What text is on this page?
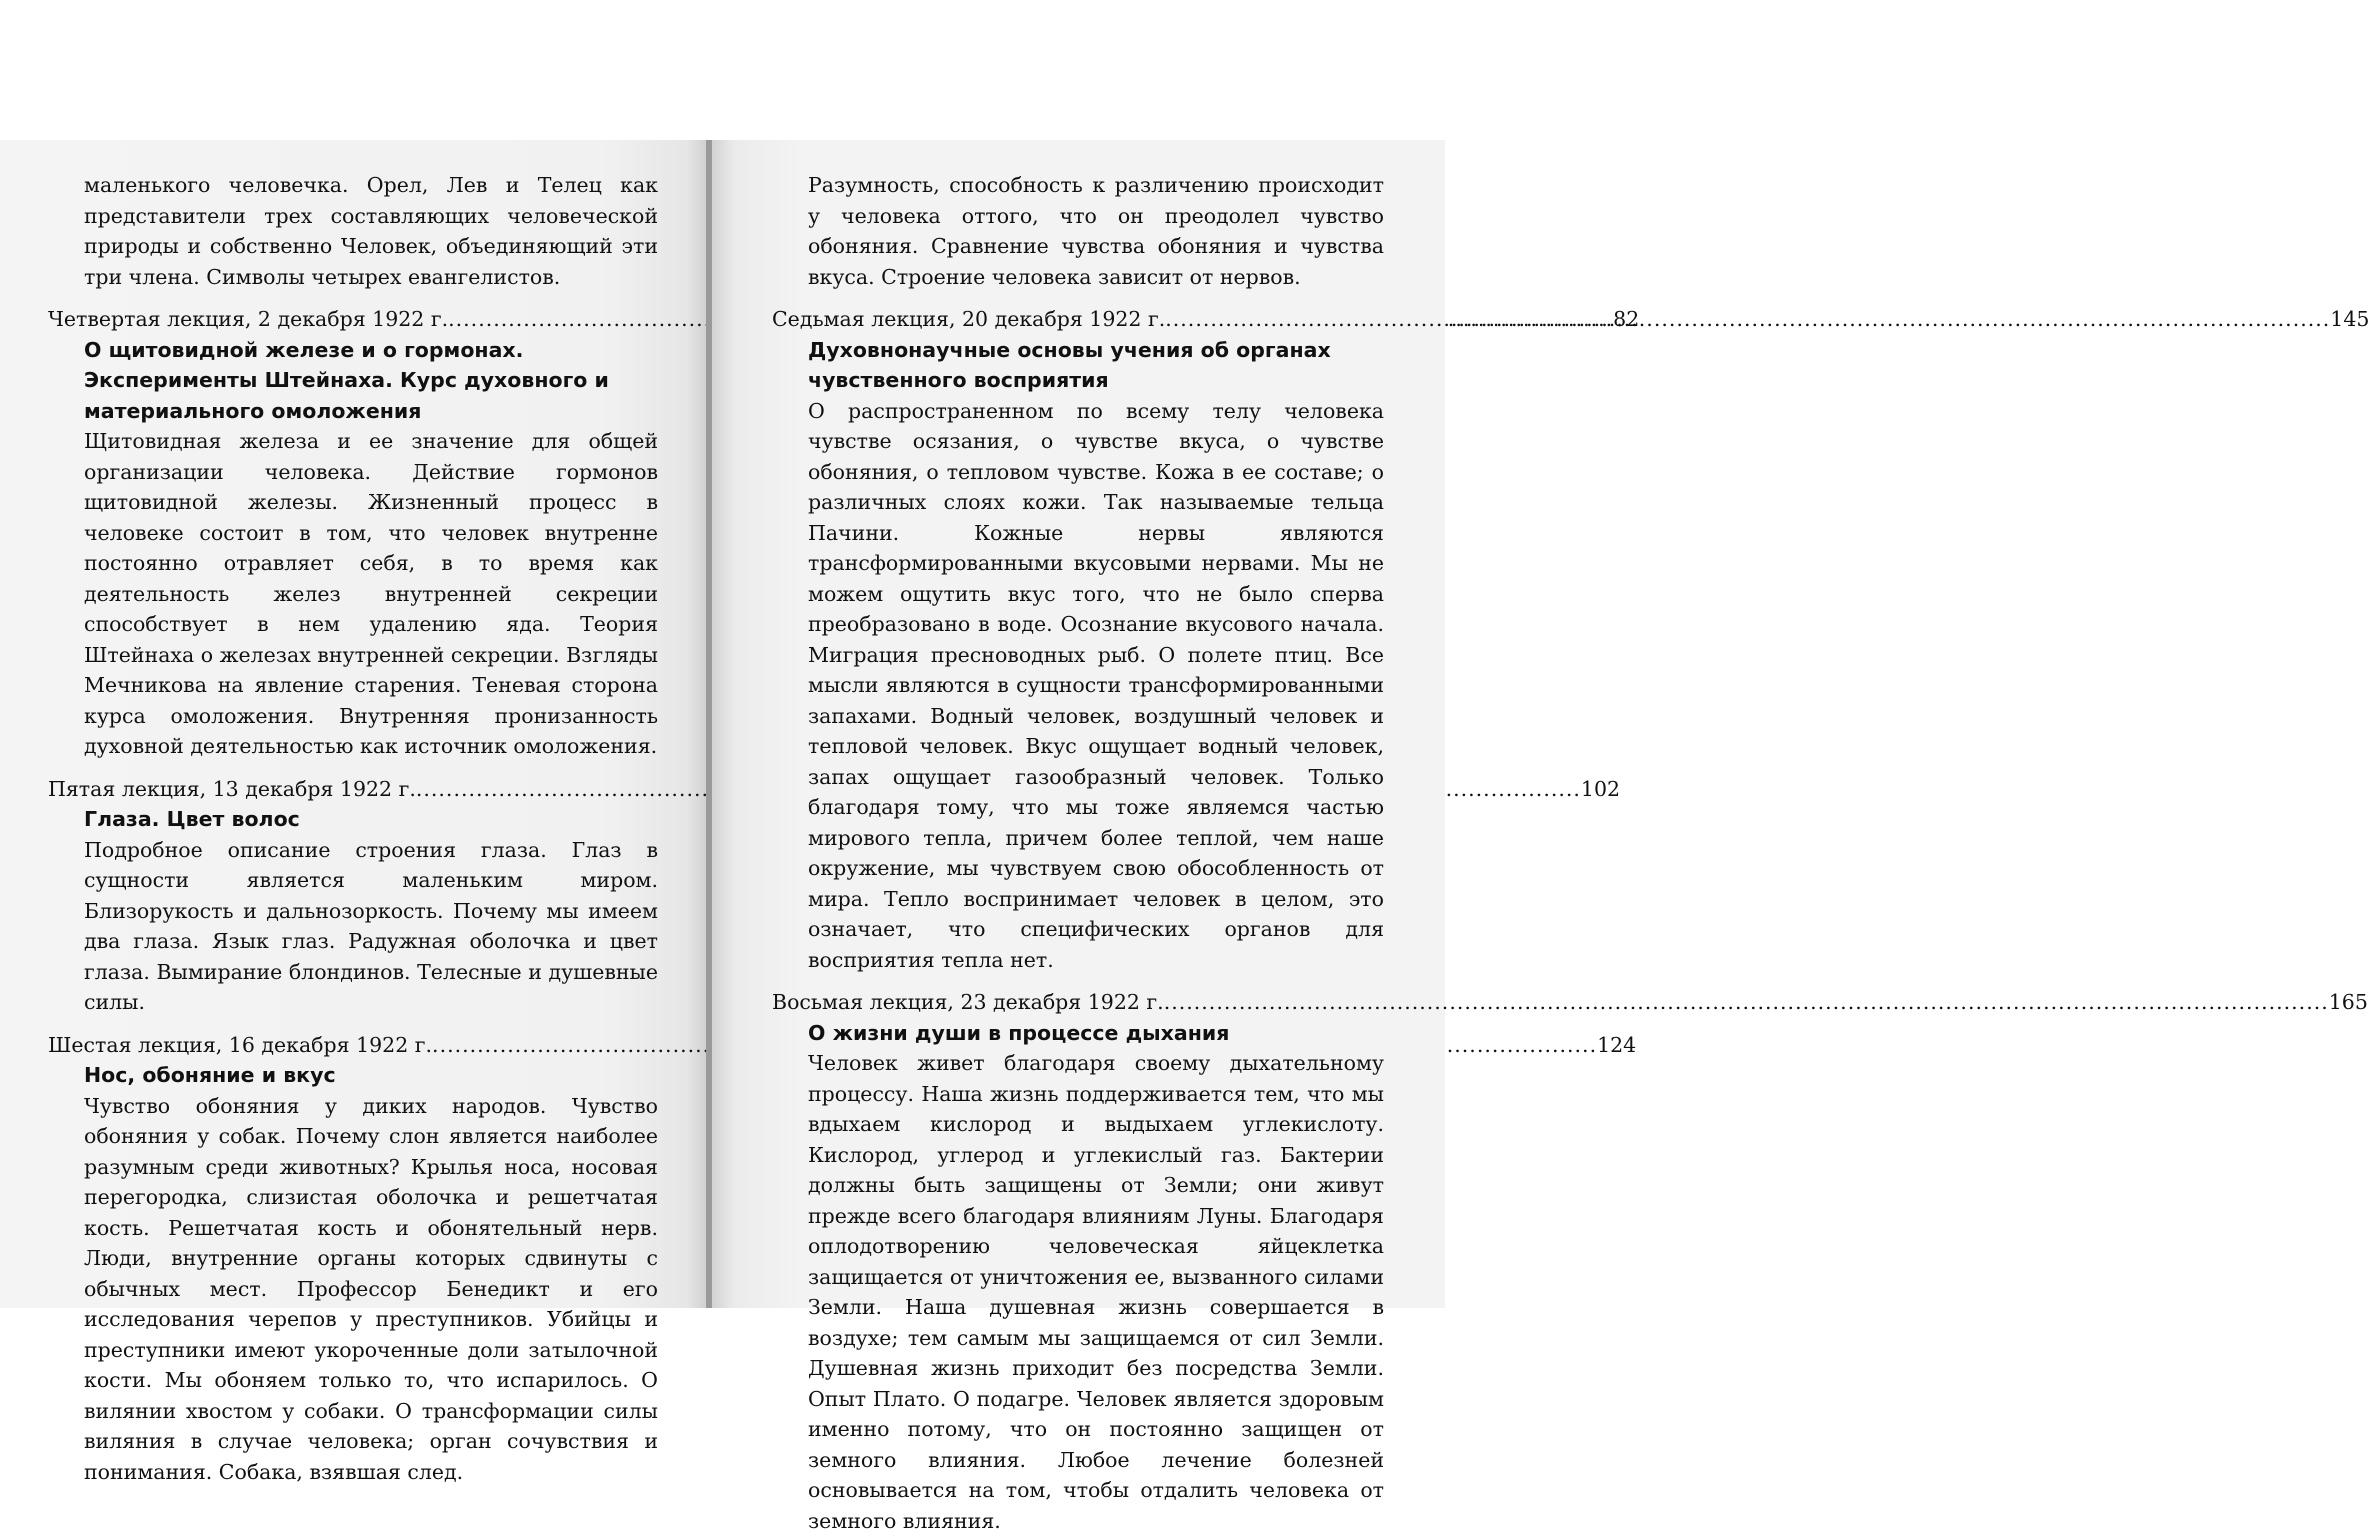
маленького человечка. Орел, Лев и Телец как представители трех составляющих человеческой природы и собственно Человек, объединяющий эти три члена. Символы четырех евангелистов.

Четвертая лекция, 2 декабря 1922 г. .....	82

О щитовидной железе и о гормонах. Эксперименты Штейнаха. Курс духовного и материального омоложения

Щитовидная железа и ее значение для общей организации человека. Действие гормонов щитовидной железы. Жизненный процесс в человеке состоит в том, что человек внутренне постоянно отравляет себя, в то время как деятельность желез внутренней секреции способствует в нем удалению яда. Теория Штейнаха о железах внутренней секреции. Взгляды Мечникова на явление старения. Теневая сторона курса омоложения. Внутренняя пронизанность духовной деятельностью как источник омоложения.

Пятая лекция, 13 декабря 1922 г. .....	102

Глаза. Цвет волос

Подробное описание строения глаза. Глаз в сущности является маленьким миром. Близорукость и дальнозоркость. Почему мы имеем два глаза. Язык глаз. Радужная оболочка и цвет глаза. Вымирание блондинов. Телесные и душевные силы.

Шестая лекция, 16 декабря 1922 г. .....	124

Нос, обоняние и вкус

Чувство обоняния у диких народов. Чувство обоняния у собак. Почему слон является наиболее разумным среди животных? Крылья носа, носовая перегородка, слизистая оболочка и решетчатая кость. Решетчатая кость и обонятельный нерв. Люди, внутренние органы которых сдвинуты с обычных мест. Профессор Бенедикт и его исследования черепов у преступников. Убийцы и преступники имеют укороченные доли затылочной кости. Мы обоняем только то, что испарилось. О вилянии хвостом у собаки. О трансформации силы виляния в случае человека; орган сочувствия и понимания. Собака, взявшая след.

Разумность, способность к различению происходит у человека оттого, что он преодолел чувство обоняния. Сравнение чувства обоняния и чувства вкуса. Строение человека зависит от нервов.

Седьмая лекция, 20 декабря 1922 г. .....	145

Духовнонаучные основы учения об органах чувственного восприятия

О распространенном по всему телу человека чувстве осязания, о чувстве вкуса, о чувстве обоняния, о тепловом чувстве. Кожа в ее составе; о различных слоях кожи. Так называемые тельца Пачини. Кожные нервы являются трансформированными вкусовыми нервами. Мы не можем ощутить вкус того, что не было сперва преобразовано в воде. Осознание вкусового начала. Миграция пресноводных рыб. О полете птиц. Все мысли являются в сущности трансформированными запахами. Водный человек, воздушный человек и тепловой человек. Вкус ощущает водный человек, запах ощущает газообразный человек. Только благодаря тому, что мы тоже являемся частью мирового тепла, причем более теплой, чем наше окружение, мы чувствуем свою обособленность от мира. Тепло воспринимает человек в целом, это означает, что специфических органов для восприятия тепла нет.

Восьмая лекция, 23 декабря 1922 г. .....	165

О жизни души в процессе дыхания

Человек живет благодаря своему дыхательному процессу. Наша жизнь поддерживается тем, что мы вдыхаем кислород и выдыхаем углекислоту. Кислород, углерод и углекислый газ. Бактерии должны быть защищены от Земли; они живут прежде всего благодаря влияниям Луны. Благодаря оплодотворению человеческая яйцеклетка защищается от уничтожения ее, вызванного силами Земли. Наша душевная жизнь совершается в воздухе; тем самым мы защищаемся от сил Земли. Душевная жизнь приходит без посредства Земли. Опыт Плато. О подагре. Человек является здоровым именно потому, что он постоянно защищен от земного влияния. Любое лечение болезней основывается на том, чтобы отдалить человека от земного влияния.
